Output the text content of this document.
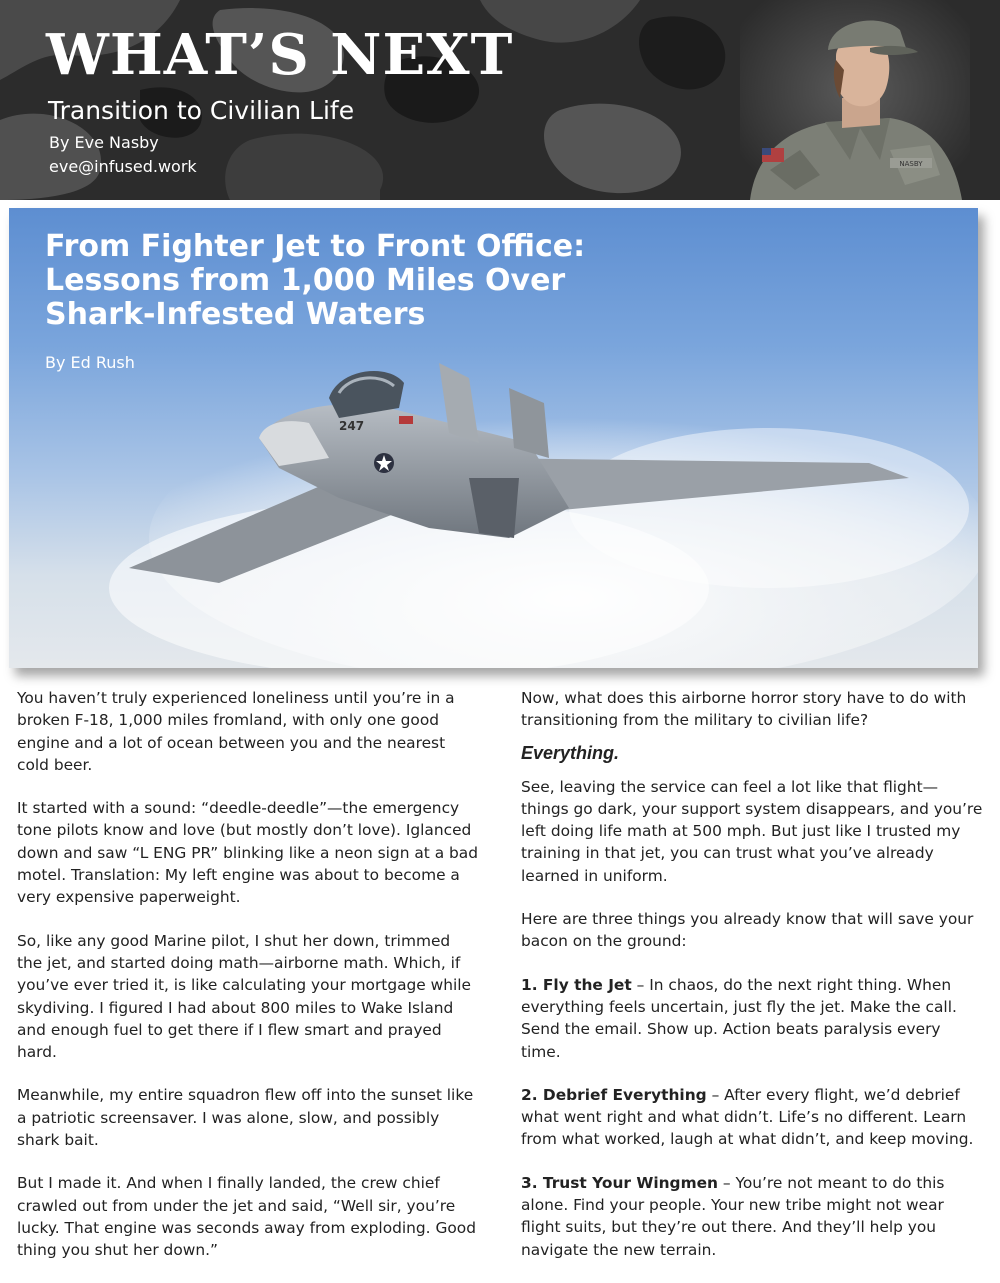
WHAT’S NEXT
Transition to Civilian Life
By Eve Nasby
eve@infused.work	NASBY
247
From Fighter Jet to Front Office:
Lessons from 1,000 Miles Over
Shark-Infested Waters
By Ed Rush

You haven’t truly experienced loneliness until you’re in a broken F-18, 1,000 miles fromland, with only one good engine and a lot of ocean between you and the nearest cold beer.

It started with a sound: “deedle-deedle”—the emergency tone pilots know and love (but mostly don’t love). Iglanced down and saw “L ENG PR” blinking like a neon sign at a bad motel. Translation: My left engine was about to become a very expensive paperweight.

So, like any good Marine pilot, I shut her down, trimmed the jet, and started doing math—airborne math. Which, if you’ve ever tried it, is like calculating your mortgage while skydiving. I figured I had about 800 miles to Wake Island and enough fuel to get there if I flew smart and prayed hard.

Meanwhile, my entire squadron flew off into the sunset like a patriotic screensaver. I was alone, slow, and possibly shark bait.

But I made it. And when I finally landed, the crew chief crawled out from under the jet and said, “Well sir, you’re lucky. That engine was seconds away from exploding. Good thing you shut her down.”

Now, what does this airborne horror story have to do with transitioning from the military to civilian life?

Everything.

See, leaving the service can feel a lot like that flight—things go dark, your support system disappears, and you’re left doing life math at 500 mph. But just like I trusted my training in that jet, you can trust what you’ve already learned in uniform.

Here are three things you already know that will save your bacon on the ground:

1. Fly the Jet – In chaos, do the next right thing. When everything feels uncertain, just fly the jet. Make the call. Send the email. Show up. Action beats paralysis every time.

2. Debrief Everything – After every flight, we’d debrief what went right and what didn’t. Life’s no different. Learn from what worked, laugh at what didn’t, and keep moving.

3. Trust Your Wingmen – You’re not meant to do this alone. Find your people. Your new tribe might not wear flight suits, but they’re out there. And they’ll help you navigate the new terrain.
